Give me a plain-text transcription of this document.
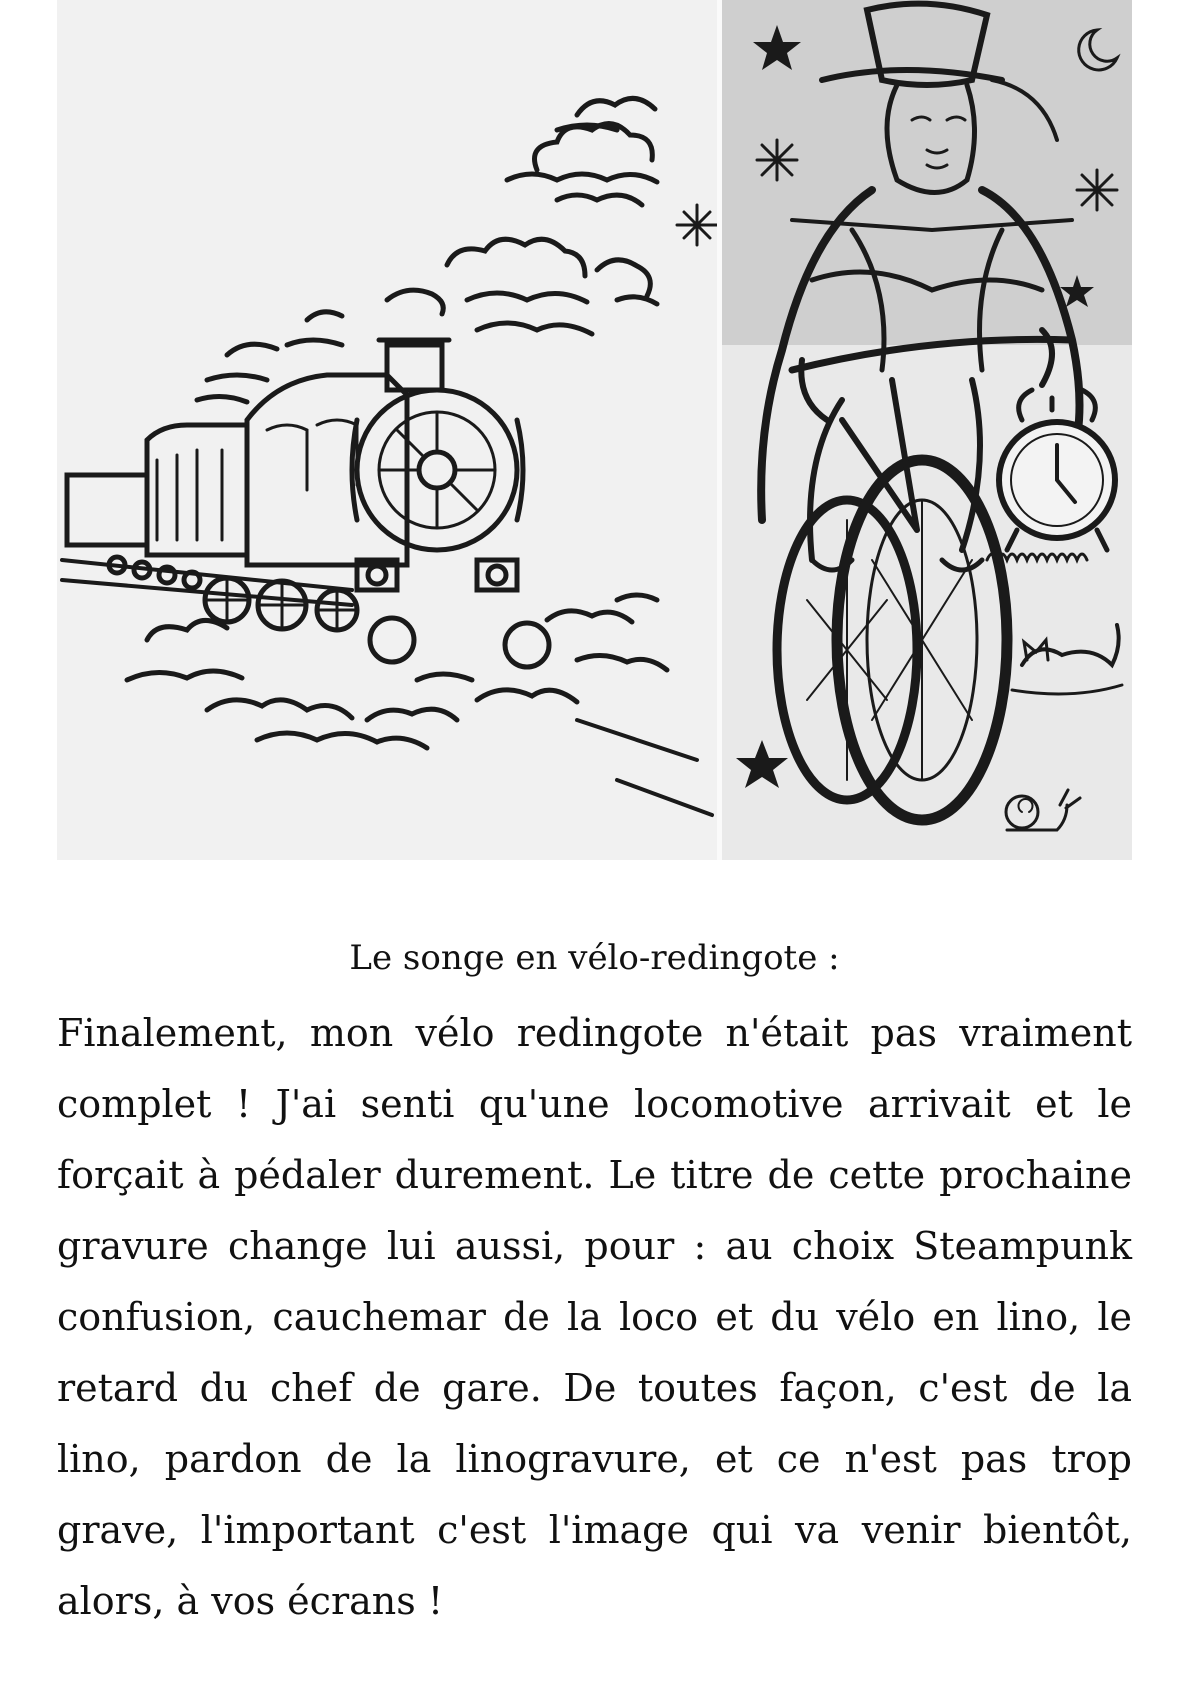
Le songe en vélo-redingote :

Finalement, mon vélo redingote n'était pas vraiment complet ! J'ai senti qu'une locomotive arrivait et le forçait à pédaler durement. Le titre de cette prochaine gravure change lui aussi, pour : au choix Steampunk confusion, cauchemar de la loco et du vélo en lino, le retard du chef de gare. De toutes façon, c'est de la lino, pardon de la linogravure, et ce n'est pas trop grave, l'important c'est l'image qui va venir bientôt, alors, à vos écrans !
